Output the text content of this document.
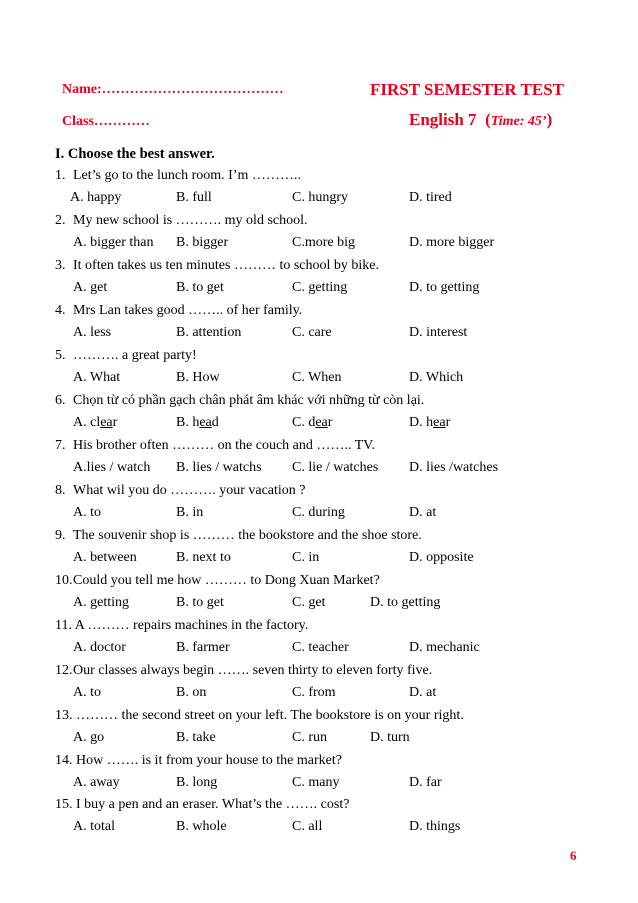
Name:…………………………………
Class…………
FIRST SEMESTER TEST
English 7 (Time: 45’)
I. Choose the best answer.
1. Let’s go to the lunch room. I’m ………..
A. happy	B. full	C. hungry	D. tired
2. My new school is ………. my old school.
A. bigger than B. bigger	C.more big	D. more bigger
3. It often takes us ten minutes ……… to school by bike.
A. get	B. to get	C. getting	D. to getting
4. Mrs Lan takes good …….. of her family.
A. less	B. attention	C. care	D. interest
5. ………. a great party!
A. What	B. How	C. When	D. Which
6. Chọn từ có phần gạch chân phát âm khác với những từ còn lại.
A. clear	B. head	C. dear	D. hear
7. His brother often ……… on the couch and …….. TV.
A.lies / watch B. lies / watchs C. lie / watches D. lies /watches
8. What wil you do ………. your vacation ?
A. to	B. in	C. during	D. at
9. The souvenir shop is ……… the bookstore and the shoe store.
A. between	B. next to	C. in	D. opposite
10.Could you tell me how ……… to Dong Xuan Market?
A. getting	B. to get	C. get	D. to getting
11. A ……… repairs machines in the factory.
A. doctor	B. farmer	C. teacher	D. mechanic
12.Our classes always begin ……. seven thirty to eleven forty five.
A. to	B. on	C. from	D. at
13. ……… the second street on your left. The bookstore is on your right.
A. go	B. take	C. run	D. turn
14. How ……. is it from your house to the market?
A. away	B. long	C. many	D. far
15. I buy a pen and an eraser. What’s the ……. cost?
A. total	B. whole	C. all	D. things
6
